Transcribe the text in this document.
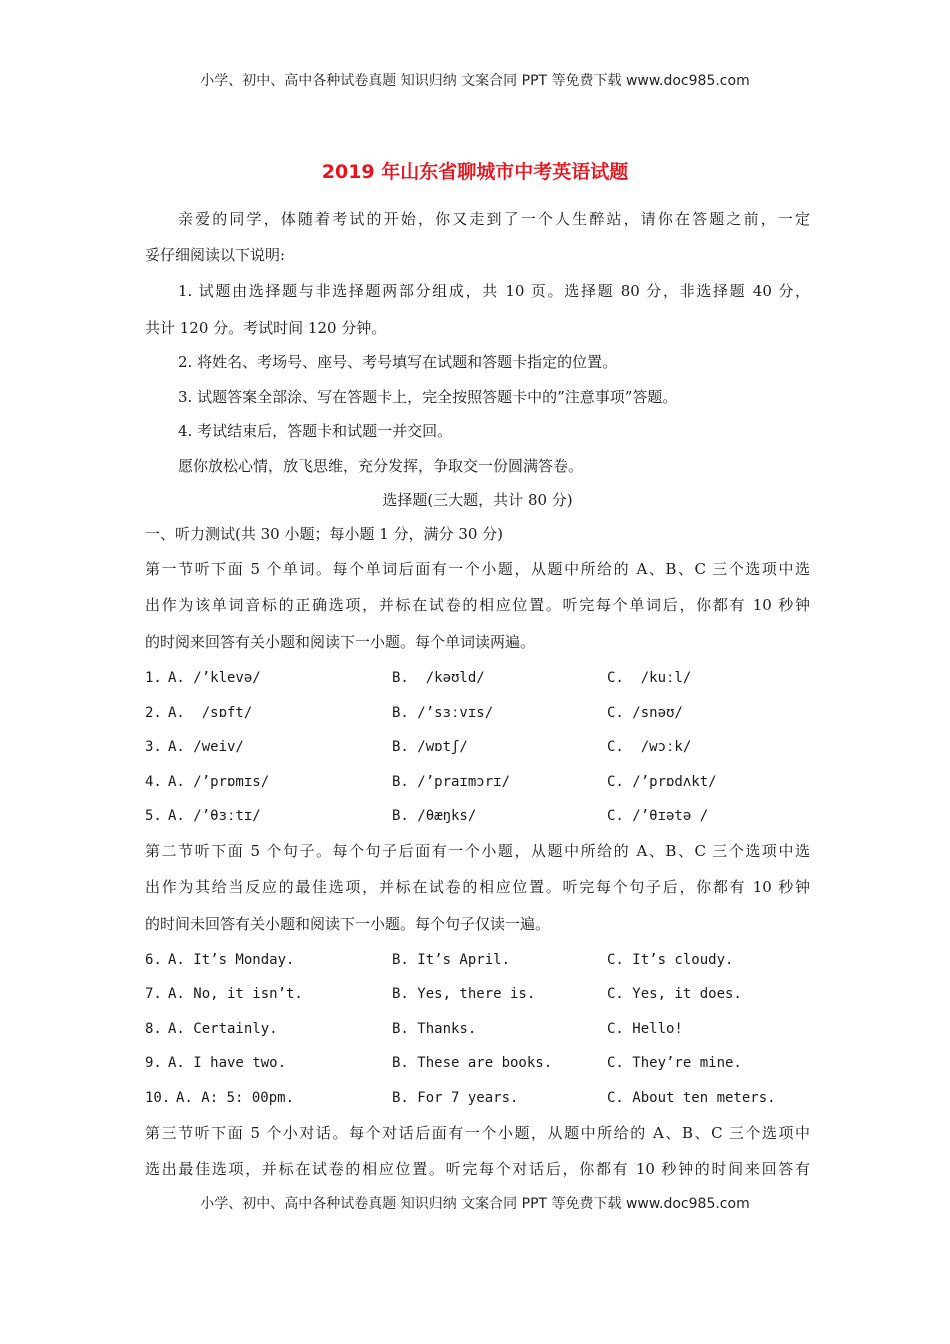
小学、初中、高中各种试卷真题 知识归纳 文案合同 PPT 等免费下载 www.doc985.com
2019 年山东省聊城市中考英语试题
亲爱的同学，体随着考试的开始，你又走到了一个人生醉站，请你在答题之前，一定
妥仔细阅读以下说明:
1. 试题由选择题与非选择题两部分组成，共 10 页。选择题 80 分，非选择题 40 分，
共计 120 分。考试时间 120 分钟。
2. 将姓名、考场号、座号、考号填写在试题和答题卡指定的位置。
3. 试题答案全部涂、写在答题卡上，完全按照答题卡中的”注意事项”答题。
4. 考试结束后，答题卡和试题一并交回。
愿你放松心情，放飞思维，充分发挥，争取交一份圆满答卷。
选择题(三大题，共计 80 分)
一、听力测试(共 30 小题；每小题 1 分，满分 30 分)
第一节听下面 5 个单词。每个单词后面有一个小题，从题中所给的 A、B、C 三个选项中选
出作为该单词音标的正确选项，并标在试卷的相应位置。听完每个单词后，你都有 10 秒钟
的时阅来回答有关小题和阅读下一小题。每个单词读两遍。
1. A. /’klevə/	B.  /kəʊld/	C.  /kuːl/
2. A.  /sɒft/	B. /’sɜːvɪs/	C. /snəʊ/
3. A. /weiv/	B. /wɒtʃ/	C.  /wɔːk/
4. A. /’prɒmɪs/	B. /’praɪmɔrɪ/	C. /’prɒdʌkt/
5. A. /’θɜːtɪ/	B. /θæŋks/	C. /’θɪətə /
第二节听下面 5 个句子。每个句子后面有一个小题，从题中所给的 A、B、C 三个选项中选
出作为其给当反应的最佳选项，并标在试卷的相应位置。听完每个句子后，你都有 10 秒钟
的时间未回答有关小题和阅读下一小题。每个句子仅读一遍。
6. A. It’s Monday.	B. It’s April.	C. It’s cloudy.
7. A. No, it isn’t.	B. Yes, there is.	C. Yes, it does.
8. A. Certainly.	B. Thanks.	C. Hello!
9. A. I have two.	B. These are books.	C. They’re mine.
10. A. A: 5: 00pm.	B. For 7 years.	C. About ten meters.
第三节听下面 5 个小对话。每个对话后面有一个小题，从题中所给的 A、B、C 三个选项中
选出最佳选项，并标在试卷的相应位置。听完每个对话后，你都有 10 秒钟的时间来回答有
小学、初中、高中各种试卷真题 知识归纳 文案合同 PPT 等免费下载 www.doc985.com
